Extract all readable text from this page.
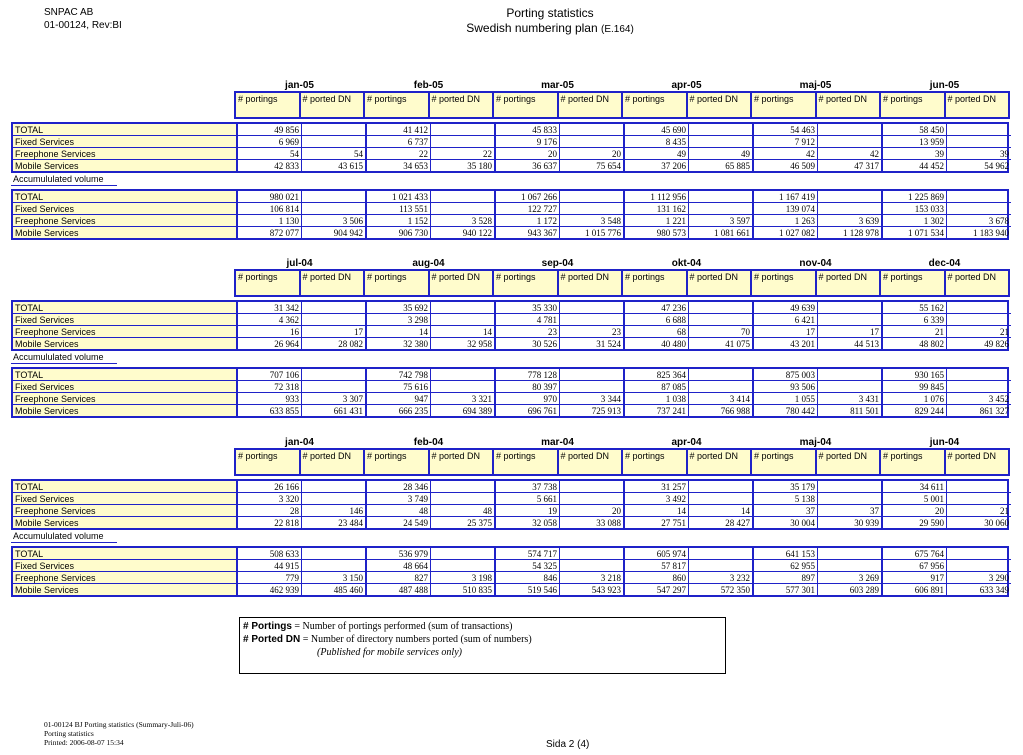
SNPAC AB
01-00124, Rev:BI
Porting statistics
Swedish numbering plan (E.164)
jan-05	feb-05	mar-05	apr-05	maj-05	jun-05
	# portings	# ported DN	# portings	# ported DN	# portings	# ported DN	# portings	# ported DN	# portings	# ported DN	# portings	# ported DN
TOTAL	49 856		41 412		45 833		45 690		54 463		58 450	
Fixed Services	6 969		6 737		9 176		8 435		7 912		13 959	
Freephone Services	54	54	22	22	20	20	49	49	42	42	39	39
Mobile Services	42 833	43 615	34 653	35 180	36 637	75 654	37 206	65 885	46 509	47 317	44 452	54 962
Accumululated volume
TOTAL	980 021		1 021 433		1 067 266		1 112 956		1 167 419		1 225 869	
Fixed Services	106 814		113 551		122 727		131 162		139 074		153 033	
Freephone Services	1 130	3 506	1 152	3 528	1 172	3 548	1 221	3 597	1 263	3 639	1 302	3 678
Mobile Services	872 077	904 942	906 730	940 122	943 367	1 015 776	980 573	1 081 661	1 027 082	1 128 978	1 071 534	1 183 940
jul-04	aug-04	sep-04	okt-04	nov-04	dec-04
	# portings	# ported DN	# portings	# ported DN	# portings	# ported DN	# portings	# ported DN	# portings	# ported DN	# portings	# ported DN
TOTAL	31 342		35 692		35 330		47 236		49 639		55 162	
Fixed Services	4 362		3 298		4 781		6 688		6 421		6 339	
Freephone Services	16	17	14	14	23	23	68	70	17	17	21	21
Mobile Services	26 964	28 082	32 380	32 958	30 526	31 524	40 480	41 075	43 201	44 513	48 802	49 826
Accumululated volume
TOTAL	707 106		742 798		778 128		825 364		875 003		930 165	
Fixed Services	72 318		75 616		80 397		87 085		93 506		99 845	
Freephone Services	933	3 307	947	3 321	970	3 344	1 038	3 414	1 055	3 431	1 076	3 452
Mobile Services	633 855	661 431	666 235	694 389	696 761	725 913	737 241	766 988	780 442	811 501	829 244	861 327
jan-04	feb-04	mar-04	apr-04	maj-04	jun-04
	# portings	# ported DN	# portings	# ported DN	# portings	# ported DN	# portings	# ported DN	# portings	# ported DN	# portings	# ported DN
TOTAL	26 166		28 346		37 738		31 257		35 179		34 611	
Fixed Services	3 320		3 749		5 661		3 492		5 138		5 001	
Freephone Services	28	146	48	48	19	20	14	14	37	37	20	21
Mobile Services	22 818	23 484	24 549	25 375	32 058	33 088	27 751	28 427	30 004	30 939	29 590	30 060
Accumululated volume
TOTAL	508 633		536 979		574 717		605 974		641 153		675 764	
Fixed Services	44 915		48 664		54 325		57 817		62 955		67 956	
Freephone Services	779	3 150	827	3 198	846	3 218	860	3 232	897	3 269	917	3 290
Mobile Services	462 939	485 460	487 488	510 835	519 546	543 923	547 297	572 350	577 301	603 289	606 891	633 349
# Portings = Number of portings performed (sum of transactions)
# Ported DN = Number of directory numbers ported (sum of numbers)
(Published for mobile services only)
01-00124 BJ Porting statistics (Summary-Juli-06)
Porting statistics
Printed: 2006-08-07 15:34	Sida 2 (4)
